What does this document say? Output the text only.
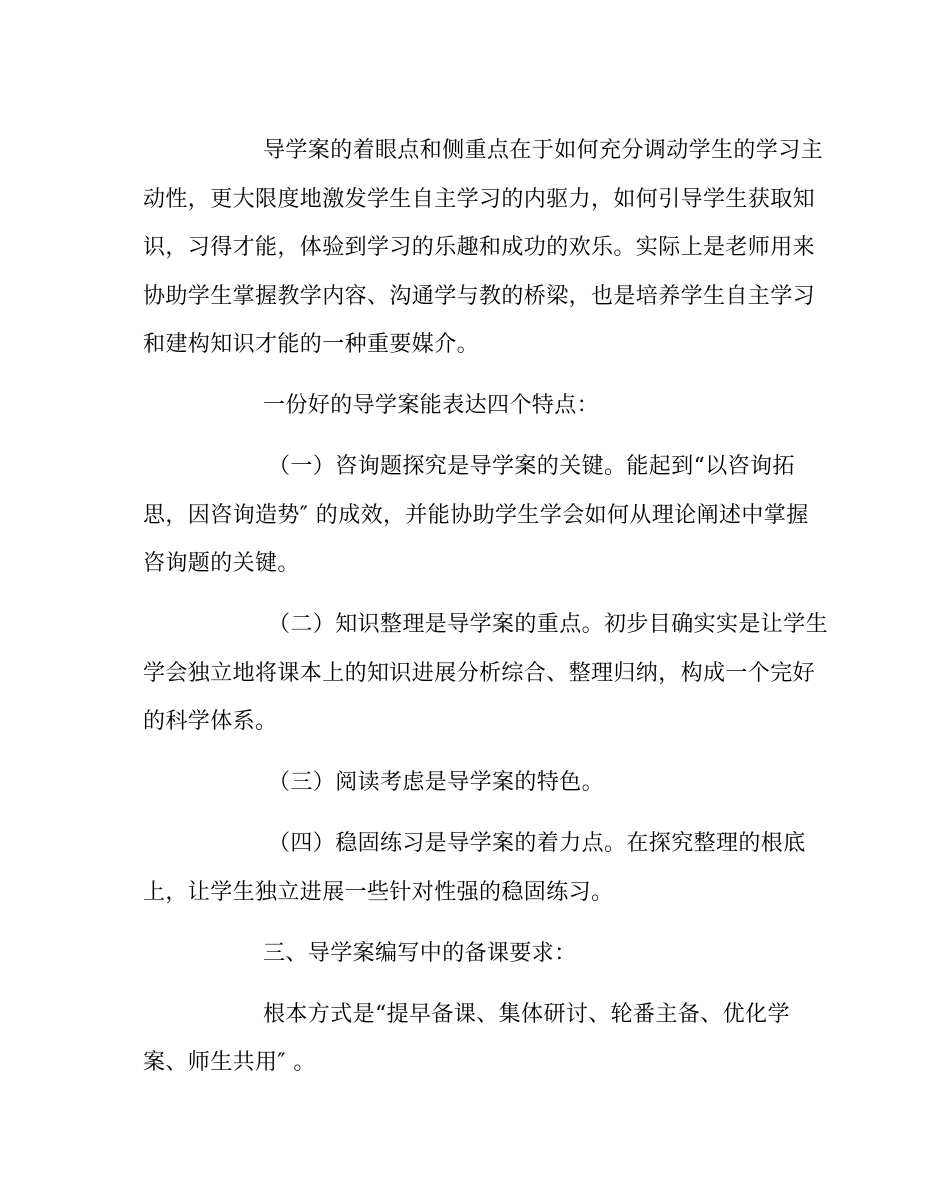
导学案的着眼点和侧重点在于如何充分调动学生的学习主
动性，更大限度地激发学生自主学习的内驱力，如何引导学生获取知
识，习得才能，体验到学习的乐趣和成功的欢乐。实际上是老师用来
协助学生掌握教学内容、沟通学与教的桥梁，也是培养学生自主学习
和建构知识才能的一种重要媒介。

一份好的导学案能表达四个特点：

（一）咨询题探究是导学案的关键。能起到“以咨询拓
思，因咨询造势″ 的成效，并能协助学生学会如何从理论阐述中掌握
咨询题的关键。

（二）知识整理是导学案的重点。初步目确实实是让学生
学会独立地将课本上的知识进展分析综合、整理归纳，构成一个完好
的科学体系。

（三）阅读考虑是导学案的特色。

（四）稳固练习是导学案的着力点。在探究整理的根底
上，让学生独立进展一些针对性强的稳固练习。

三、导学案编写中的备课要求：

根本方式是“提早备课、集体研讨、轮番主备、优化学
案、师生共用″ 。
